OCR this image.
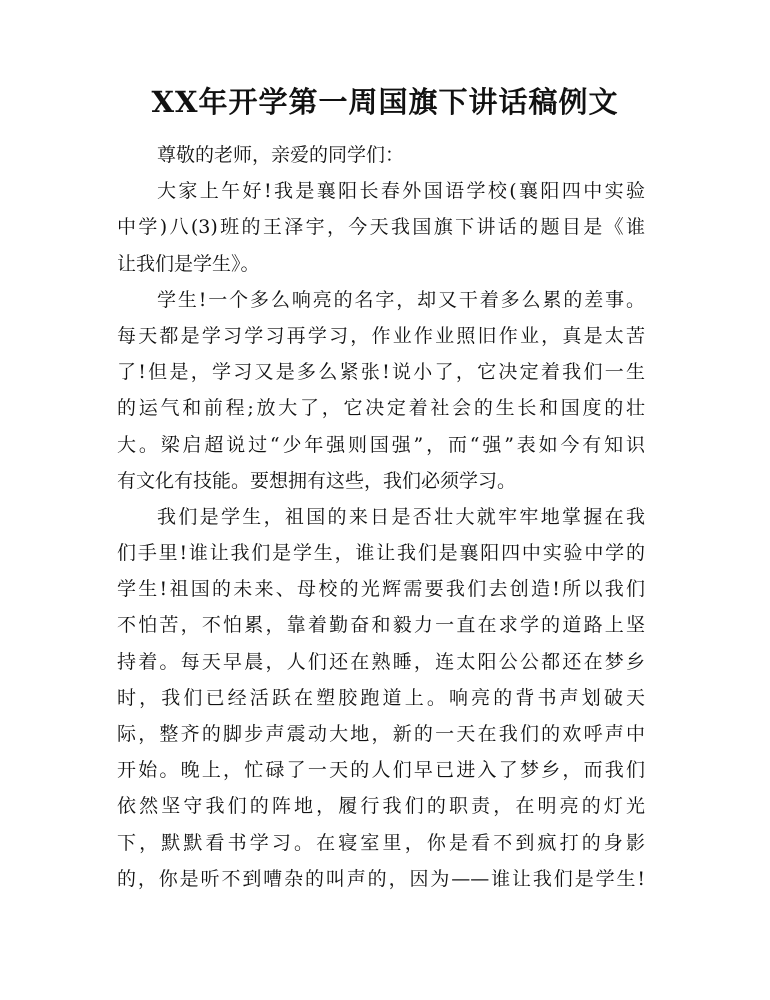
XX年开学第一周国旗下讲话稿例文
尊敬的老师，亲爱的同学们：
大家上午好!我是襄阳长春外国语学校(襄阳四中实验
中学)八(3)班的王泽宇，今天我国旗下讲话的题目是《谁
让我们是学生》。
学生!一个多么响亮的名字，却又干着多么累的差事。
每天都是学习学习再学习，作业作业照旧作业，真是太苦
了!但是，学习又是多么紧张!说小了，它决定着我们一生
的运气和前程;放大了，它决定着社会的生长和国度的壮
大。梁启超说过“少年强则国强”，而“强”表如今有知识
有文化有技能。要想拥有这些，我们必须学习。
我们是学生，祖国的来日是否壮大就牢牢地掌握在我
们手里!谁让我们是学生，谁让我们是襄阳四中实验中学的
学生!祖国的未来、母校的光辉需要我们去创造!所以我们
不怕苦，不怕累，靠着勤奋和毅力一直在求学的道路上坚
持着。每天早晨，人们还在熟睡，连太阳公公都还在梦乡
时，我们已经活跃在塑胶跑道上。响亮的背书声划破天
际，整齐的脚步声震动大地，新的一天在我们的欢呼声中
开始。晚上，忙碌了一天的人们早已进入了梦乡，而我们
依然坚守我们的阵地，履行我们的职责，在明亮的灯光
下，默默看书学习。在寝室里，你是看不到疯打的身影
的，你是听不到嘈杂的叫声的，因为——谁让我们是学生!
